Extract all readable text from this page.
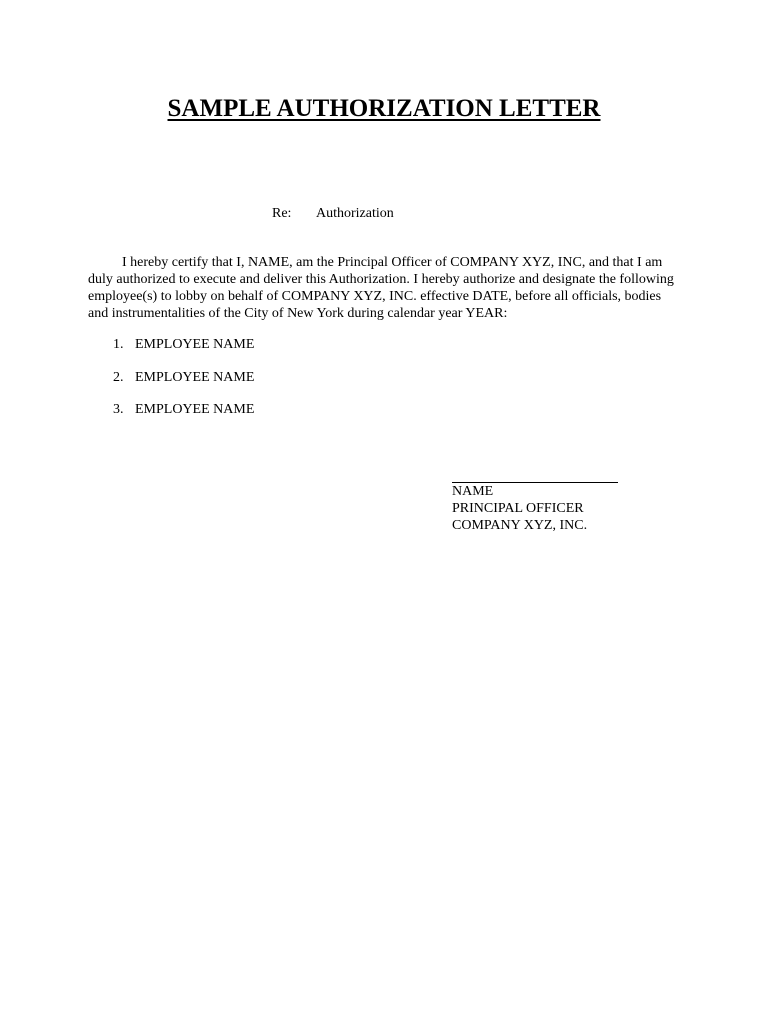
SAMPLE AUTHORIZATION LETTER
Re: Authorization
I hereby certify that I, NAME, am the Principal Officer of COMPANY XYZ, INC, and that I am
duly authorized to execute and deliver this Authorization. I hereby authorize and designate the following
employee(s) to lobby on behalf of COMPANY XYZ, INC. effective DATE, before all officials, bodies
and instrumentalities of the City of New York during calendar year YEAR:
1. EMPLOYEE NAME
2. EMPLOYEE NAME
3. EMPLOYEE NAME
NAME
PRINCIPAL OFFICER
COMPANY XYZ, INC.
